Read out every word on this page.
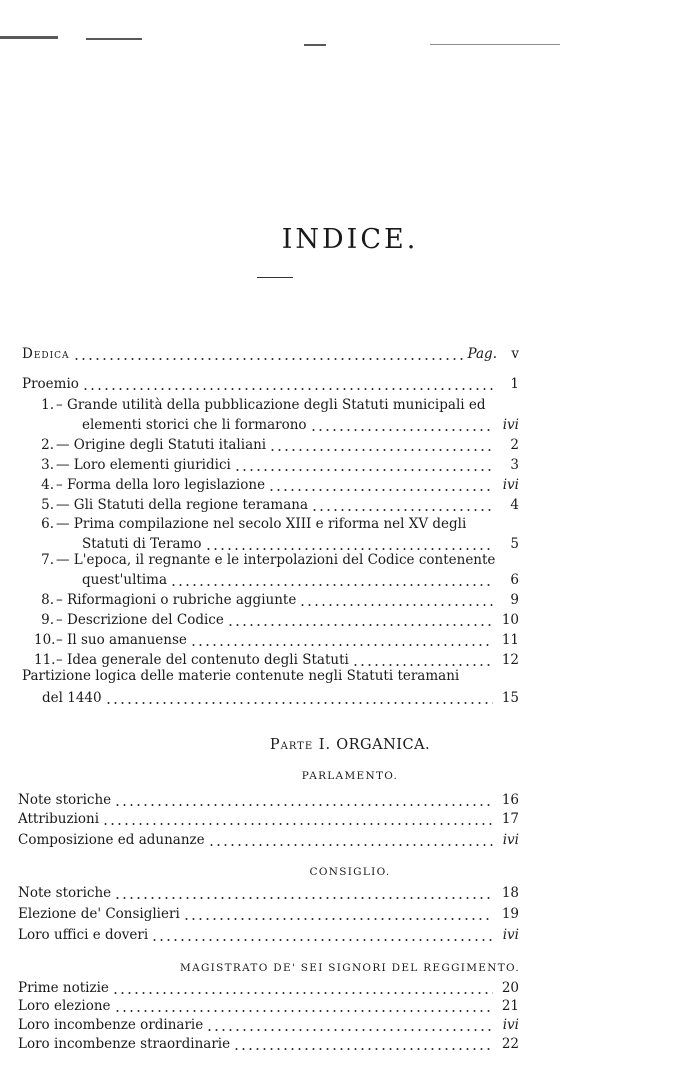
INDICE.
Dedica	Pag.	v
Proemio	1
1. – Grande utilità della pubblicazione degli Statuti municipali ed
elementi storici che li formarono	ivi
2. — Origine degli Statuti italiani	2
3. — Loro elementi giuridici	3
4. – Forma della loro legislazione	ivi
5. — Gli Statuti della regione teramana	4
6. — Prima compilazione nel secolo XIII e riforma nel XV degli
Statuti di Teramo	5
7. — L'epoca, il regnante e le interpolazioni del Codice contenente
quest'ultima	6
8. – Riformagioni o rubriche aggiunte	9
9. – Descrizione del Codice	10
10. – Il suo amanuense	11
11. – Idea generale del contenuto degli Statuti	12
Partizione logica delle materie contenute negli Statuti teramani
del 1440	15
Parte I. ORGANICA.
PARLAMENTO.
Note storiche	16
Attribuzioni	17
Composizione ed adunanze	ivi
CONSIGLIO.
Note storiche	18
Elezione de' Consiglieri	19
Loro uffici e doveri	ivi
MAGISTRATO DE' SEI SIGNORI DEL REGGIMENTO.
Prime notizie	20
Loro elezione	21
Loro incombenze ordinarie	ivi
Loro incombenze straordinarie	22
